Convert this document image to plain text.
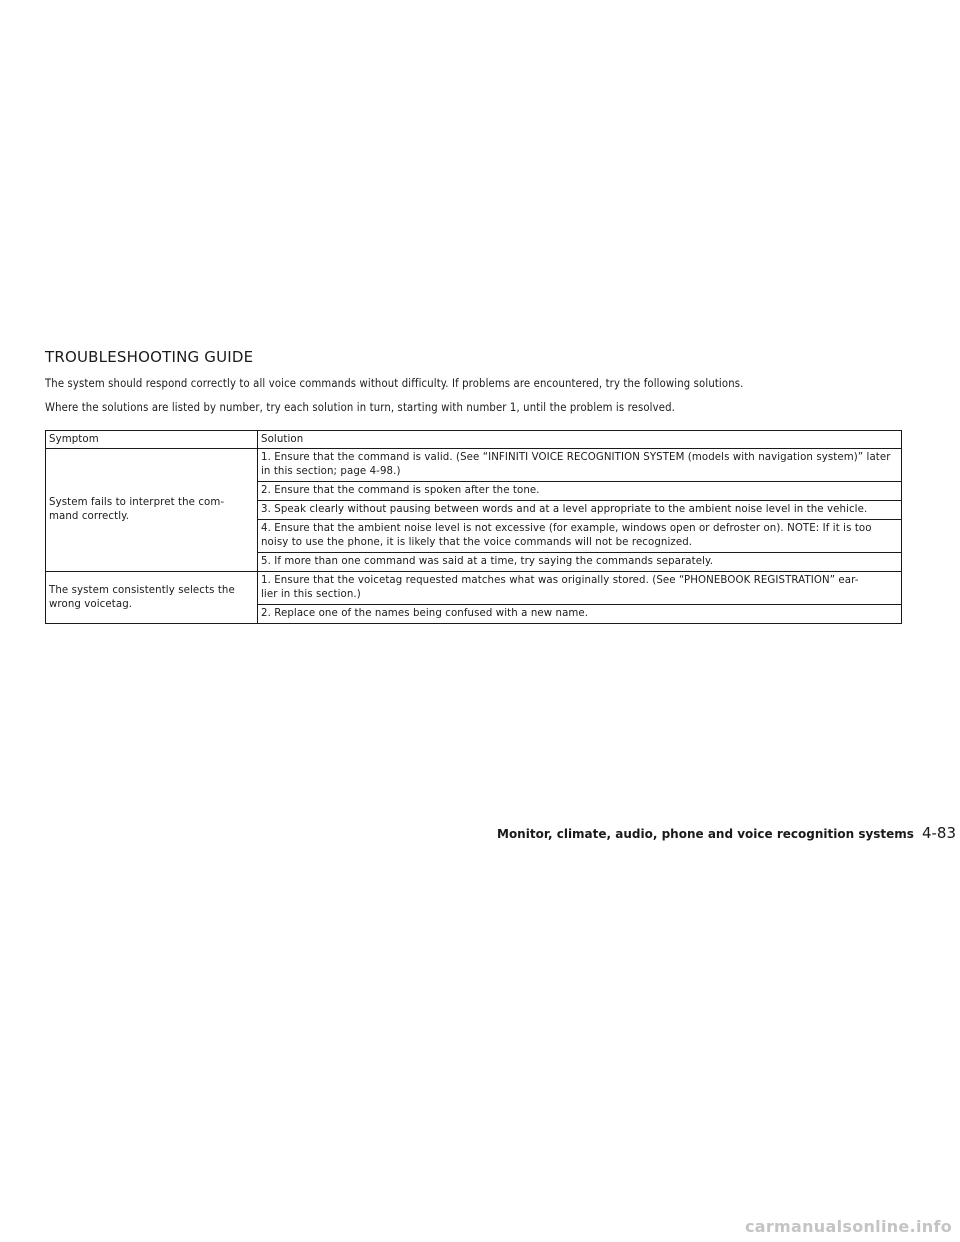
TROUBLESHOOTING GUIDE

The system should respond correctly to all voice commands without difficulty. If problems are encountered, try the following solutions.

Where the solutions are listed by number, try each solution in turn, starting with number 1, until the problem is resolved.

Symptom	Solution
System fails to interpret the com-
mand correctly.	1. Ensure that the command is valid. (See “INFINITI VOICE RECOGNITION SYSTEM (models with navigation system)” later in this section; page 4-98.)
	2. Ensure that the command is spoken after the tone.
	3. Speak clearly without pausing between words and at a level appropriate to the ambient noise level in the vehicle.
	4. Ensure that the ambient noise level is not excessive (for example, windows open or defroster on). NOTE: If it is too noisy to use the phone, it is likely that the voice commands will not be recognized.
	5. If more than one command was said at a time, try saying the commands separately.
The system consistently selects the wrong voicetag.	1. Ensure that the voicetag requested matches what was originally stored. (See “PHONEBOOK REGISTRATION” ear-
lier in this section.)
	2. Replace one of the names being confused with a new name.
Monitor, climate, audio, phone and voice recognition systems 4-83
carmanualsonline.info
